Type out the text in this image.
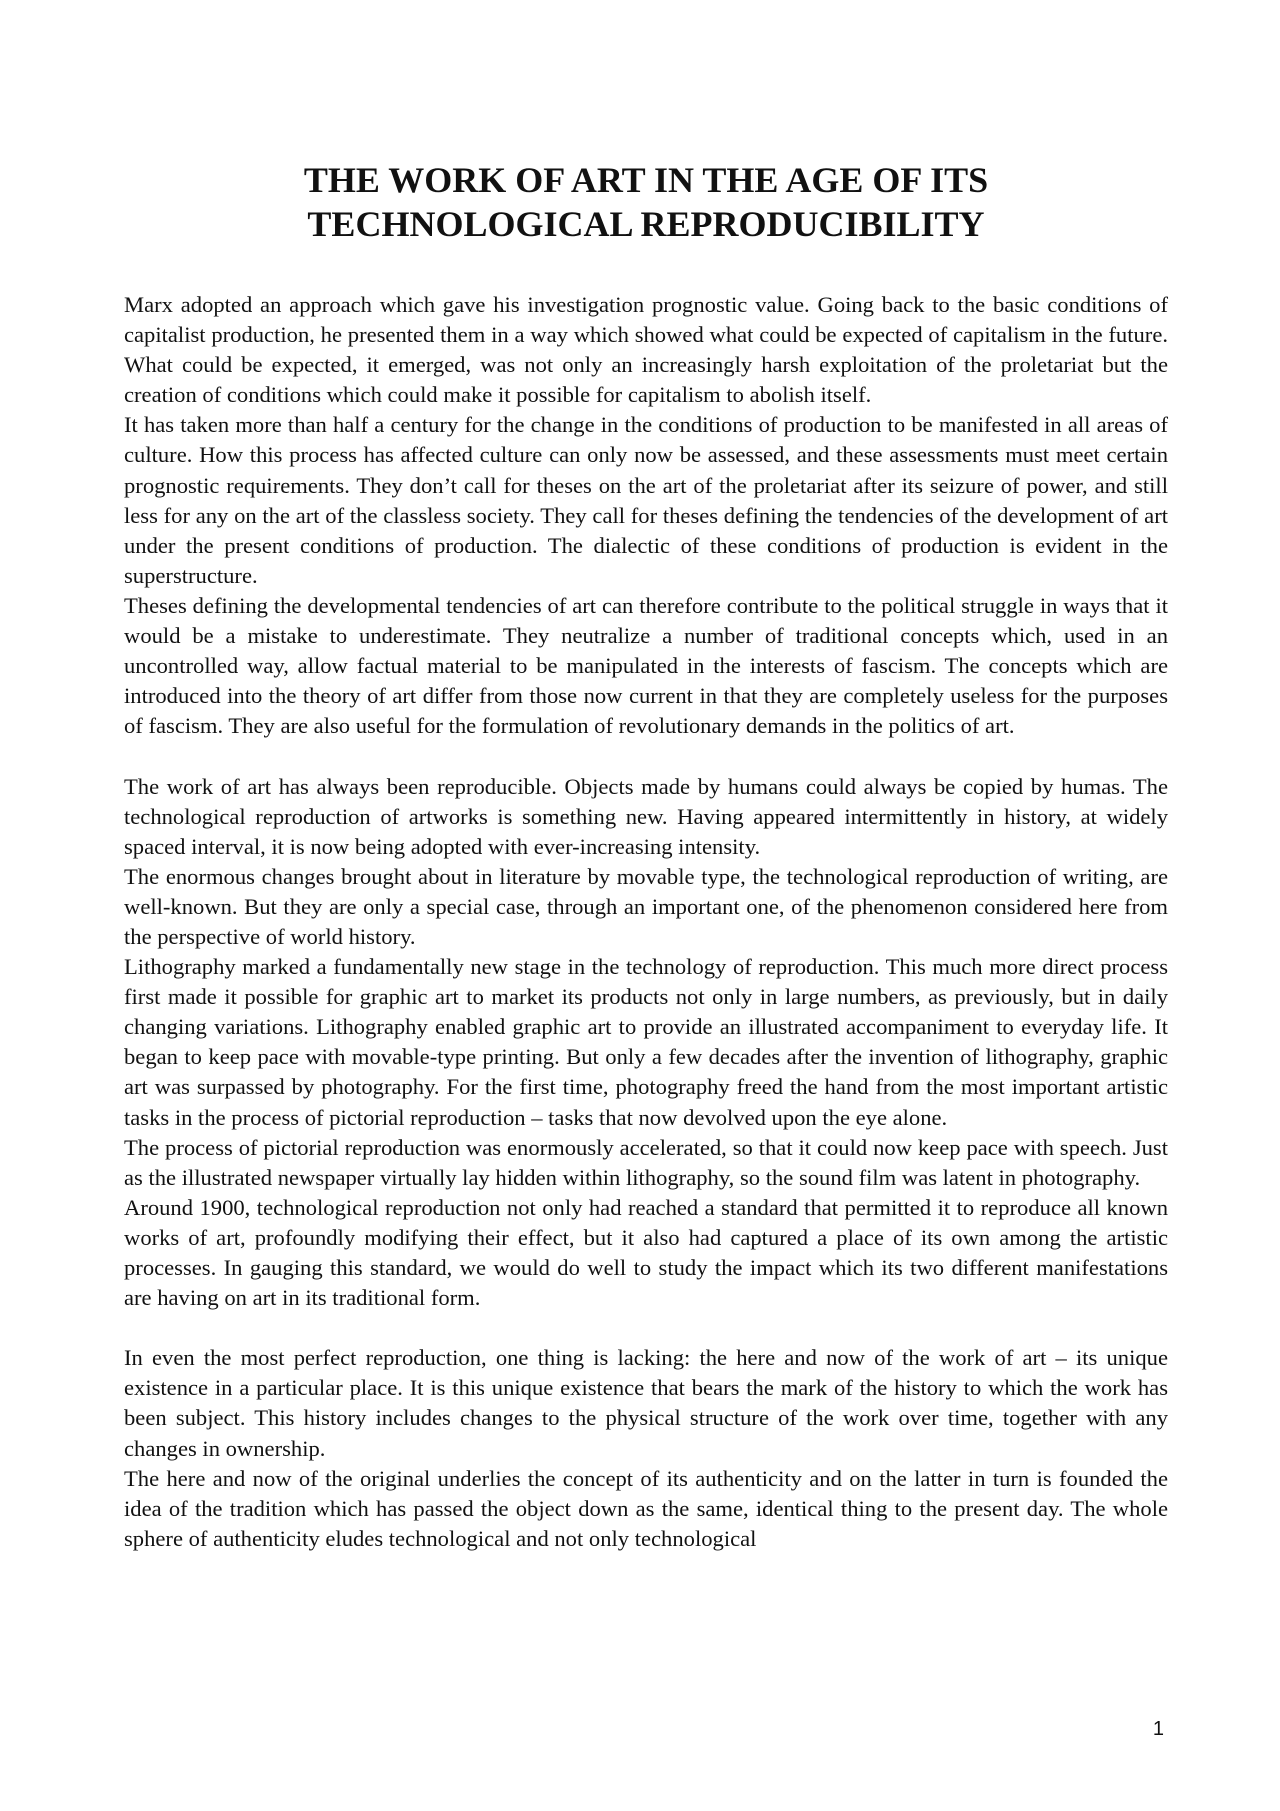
THE WORK OF ART IN THE AGE OF ITS
TECHNOLOGICAL REPRODUCIBILITY

Marx adopted an approach which gave his investigation prognostic value. Going back to the basic conditions of capitalist production, he presented them in a way which showed what could be expected of capitalism in the future. What could be expected, it emerged, was not only an increasingly harsh exploitation of the proletariat but the creation of conditions which could make it possible for capitalism to abolish itself.

It has taken more than half a century for the change in the conditions of production to be manifested in all areas of culture. How this process has affected culture can only now be assessed, and these assessments must meet certain prognostic requirements. They don’t call for theses on the art of the proletariat after its seizure of power, and still less for any on the art of the classless society. They call for theses defining the tendencies of the development of art under the present conditions of production. The dialectic of these conditions of production is evident in the superstructure.

Theses defining the developmental tendencies of art can therefore contribute to the political struggle in ways that it would be a mistake to underestimate. They neutralize a number of traditional concepts which, used in an uncontrolled way, allow factual material to be manipulated in the interests of fascism. The concepts which are introduced into the theory of art differ from those now current in that they are completely useless for the purposes of fascism. They are also useful for the formulation of revolutionary demands in the politics of art.

The work of art has always been reproducible. Objects made by humans could always be copied by humas. The technological reproduction of artworks is something new. Having appeared intermittently in history, at widely spaced interval, it is now being adopted with ever-increasing intensity.

The enormous changes brought about in literature by movable type, the technological reproduction of writing, are well-known. But they are only a special case, through an important one, of the phenomenon considered here from the perspective of world history.

Lithography marked a fundamentally new stage in the technology of reproduction. This much more direct process first made it possible for graphic art to market its products not only in large numbers, as previously, but in daily changing variations. Lithography enabled graphic art to provide an illustrated accompaniment to everyday life. It began to keep pace with movable-type printing. But only a few decades after the invention of lithography, graphic art was surpassed by photography. For the first time, photography freed the hand from the most important artistic tasks in the process of pictorial reproduction – tasks that now devolved upon the eye alone.

The process of pictorial reproduction was enormously accelerated, so that it could now keep pace with speech. Just as the illustrated newspaper virtually lay hidden within lithography, so the sound film was latent in photography.

Around 1900, technological reproduction not only had reached a standard that permitted it to reproduce all known works of art, profoundly modifying their effect, but it also had captured a place of its own among the artistic processes. In gauging this standard, we would do well to study the impact which its two different manifestations are having on art in its traditional form.

In even the most perfect reproduction, one thing is lacking: the here and now of the work of art – its unique existence in a particular place. It is this unique existence that bears the mark of the history to which the work has been subject. This history includes changes to the physical structure of the work over time, together with any changes in ownership.

The here and now of the original underlies the concept of its authenticity and on the latter in turn is founded the idea of the tradition which has passed the object down as the same, identical thing to the present day. The whole sphere of authenticity eludes technological and not only technological

1
